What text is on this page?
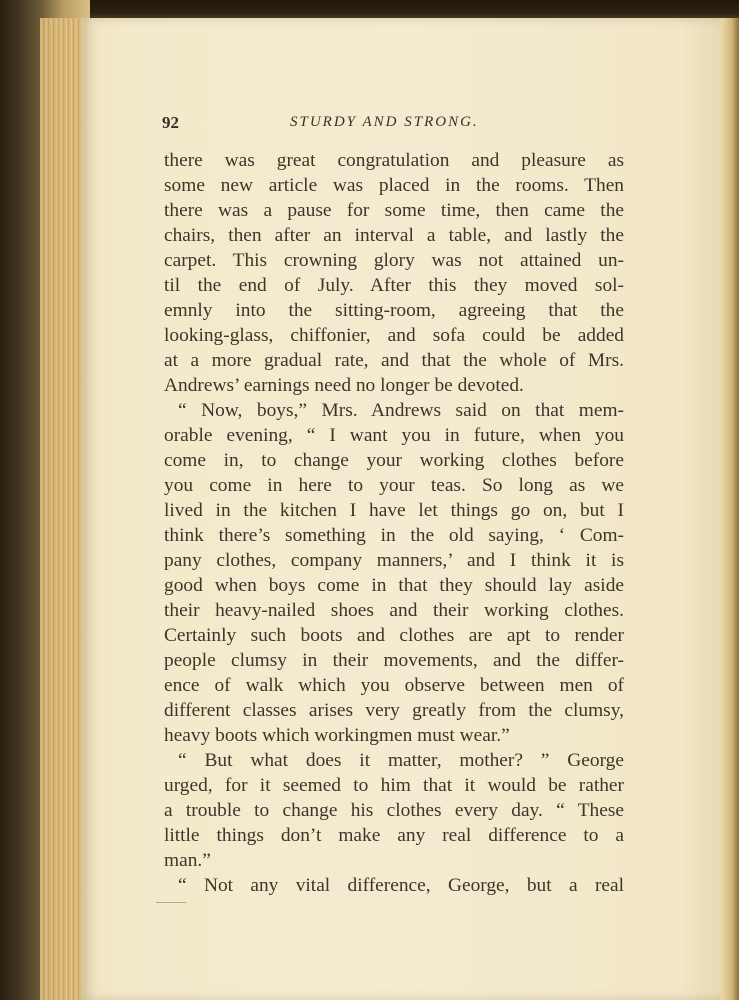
92	STURDY AND STRONG.
there was great congratulation and pleasure as
some new article was placed in the rooms. Then
there was a pause for some time, then came the
chairs, then after an interval a table, and lastly the
carpet. This crowning glory was not attained un-
til the end of July. After this they moved sol-
emnly into the sitting-room, agreeing that the
looking-glass, chiffonier, and sofa could be added
at a more gradual rate, and that the whole of Mrs.
Andrews’ earnings need no longer be devoted.
“ Now, boys,” Mrs. Andrews said on that mem-
orable evening, “ I want you in future, when you
come in, to change your working clothes before
you come in here to your teas. So long as we
lived in the kitchen I have let things go on, but I
think there’s something in the old saying, ‘ Com-
pany clothes, company manners,’ and I think it is
good when boys come in that they should lay aside
their heavy-nailed shoes and their working clothes.
Certainly such boots and clothes are apt to render
people clumsy in their movements, and the differ-
ence of walk which you observe between men of
different classes arises very greatly from the clumsy,
heavy boots which workingmen must wear.”
“ But what does it matter, mother? ” George
urged, for it seemed to him that it would be rather
a trouble to change his clothes every day. “ These
little things don’t make any real difference to a
man.”
“ Not any vital difference, George, but a real
